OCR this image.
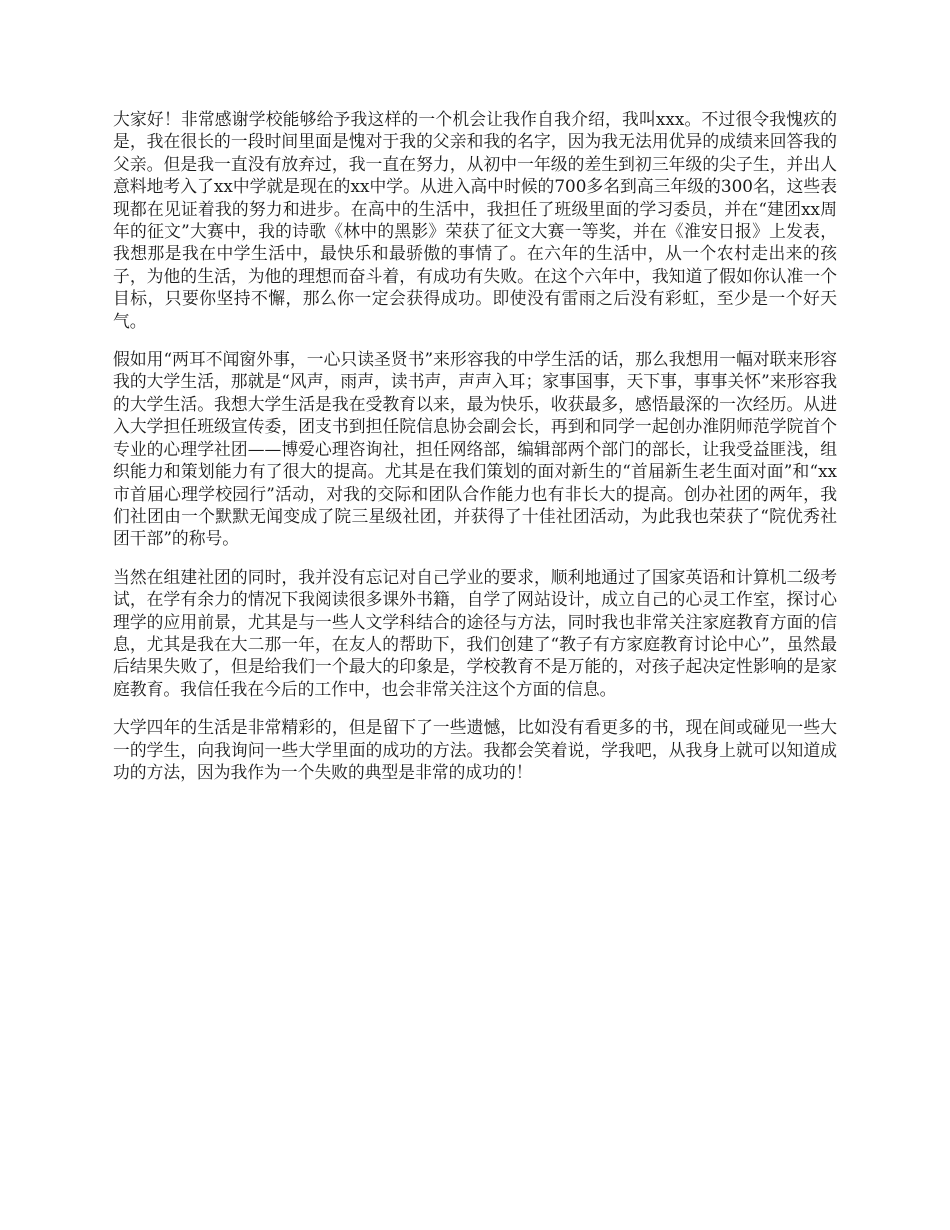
大家好！非常感谢学校能够给予我这样的一个机会让我作自我介绍，我叫xxx。不过很令我愧疚的是，我在很长的一段时间里面是愧对于我的父亲和我的名字，因为我无法用优异的成绩来回答我的父亲。但是我一直没有放弃过，我一直在努力，从初中一年级的差生到初三年级的尖子生，并出人意料地考入了xx中学就是现在的xx中学。从进入高中时候的700多名到高三年级的300名，这些表现都在见证着我的努力和进步。在高中的生活中，我担任了班级里面的学习委员，并在“建团xx周年的征文”大赛中，我的诗歌《林中的黑影》荣获了征文大赛一等奖，并在《淮安日报》上发表，我想那是我在中学生活中，最快乐和最骄傲的事情了。在六年的生活中，从一个农村走出来的孩子，为他的生活，为他的理想而奋斗着，有成功有失败。在这个六年中，我知道了假如你认准一个目标，只要你坚持不懈，那么你一定会获得成功。即使没有雷雨之后没有彩虹，至少是一个好天气。

假如用“两耳不闻窗外事，一心只读圣贤书”来形容我的中学生活的话，那么我想用一幅对联来形容我的大学生活，那就是“风声，雨声，读书声，声声入耳；家事国事，天下事，事事关怀”来形容我的大学生活。我想大学生活是我在受教育以来，最为快乐，收获最多，感悟最深的一次经历。从进入大学担任班级宣传委，团支书到担任院信息协会副会长，再到和同学一起创办淮阴师范学院首个专业的心理学社团——博爱心理咨询社，担任网络部，编辑部两个部门的部长，让我受益匪浅，组织能力和策划能力有了很大的提高。尤其是在我们策划的面对新生的“首届新生老生面对面”和“xx市首届心理学校园行”活动，对我的交际和团队合作能力也有非长大的提高。创办社团的两年，我们社团由一个默默无闻变成了院三星级社团，并获得了十佳社团活动，为此我也荣获了“院优秀社团干部”的称号。

当然在组建社团的同时，我并没有忘记对自己学业的要求，顺利地通过了国家英语和计算机二级考试，在学有余力的情况下我阅读很多课外书籍，自学了网站设计，成立自己的心灵工作室，探讨心理学的应用前景，尤其是与一些人文学科结合的途径与方法，同时我也非常关注家庭教育方面的信息，尤其是我在大二那一年，在友人的帮助下，我们创建了“教子有方家庭教育讨论中心”，虽然最后结果失败了，但是给我们一个最大的印象是，学校教育不是万能的，对孩子起决定性影响的是家庭教育。我信任我在今后的工作中，也会非常关注这个方面的信息。

大学四年的生活是非常精彩的，但是留下了一些遗憾，比如没有看更多的书，现在间或碰见一些大一的学生，向我询问一些大学里面的成功的方法。我都会笑着说，学我吧，从我身上就可以知道成功的方法，因为我作为一个失败的典型是非常的成功的！
